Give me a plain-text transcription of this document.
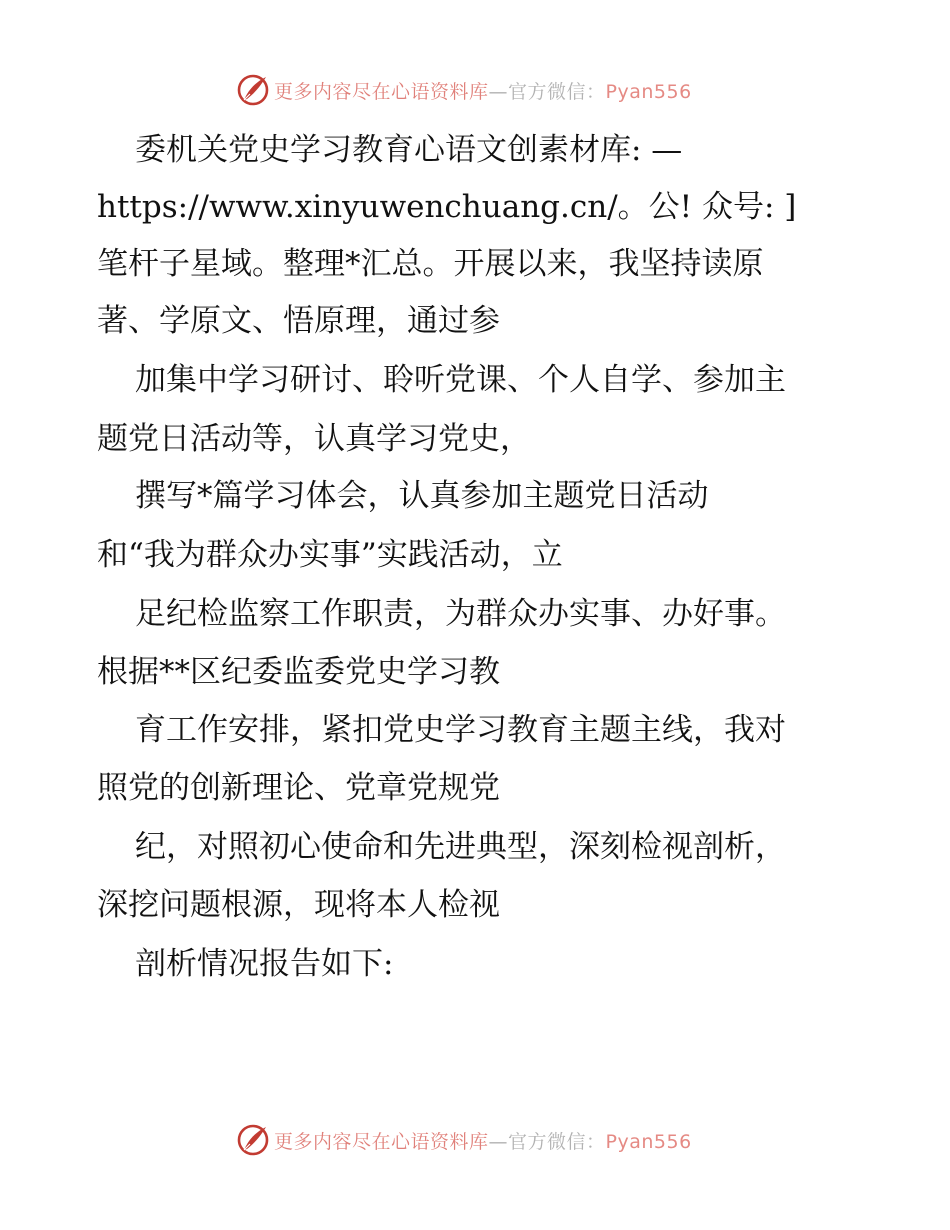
更多内容尽在心语资料库—官方微信：Pyan556
委机关党史学习教育心语文创素材库: —
https://www.xinyuwenchuang.cn/。公! 众号: ]
笔杆子星域。整理*汇总。开展以来，我坚持读原
著、学原文、悟原理，通过参
加集中学习研讨、聆听党课、个人自学、参加主
题党日活动等，认真学习党史，
撰写*篇学习体会，认真参加主题党日活动
和“我为群众办实事”实践活动，立
足纪检监察工作职责，为群众办实事、办好事。
根据**区纪委监委党史学习教
育工作安排，紧扣党史学习教育主题主线，我对
照党的创新理论、党章党规党
纪，对照初心使命和先进典型，深刻检视剖析，
深挖问题根源，现将本人检视
剖析情况报告如下:
更多内容尽在心语资料库—官方微信：Pyan556
